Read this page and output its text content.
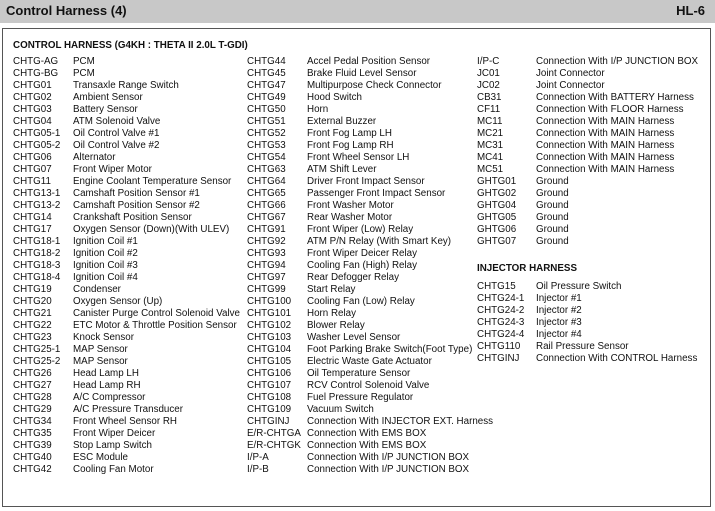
Control Harness (4)	HL-6
CONTROL HARNESS (G4KH : THETA II 2.0L T-GDI)
CHTG-AG PCM
CHTG-BG PCM
CHTG01 Transaxle Range Switch
CHTG02 Ambient Sensor
CHTG03 Battery Sensor
CHTG04 ATM Solenoid Valve
CHTG05-1 Oil Control Valve #1
CHTG05-2 Oil Control Valve #2
CHTG06 Alternator
CHTG07 Front Wiper Motor
CHTG11 Engine Coolant Temperature Sensor
CHTG13-1 Camshaft Position Sensor #1
CHTG13-2 Camshaft Position Sensor #2
CHTG14 Crankshaft Position Sensor
CHTG17 Oxygen Sensor (Down)(With ULEV)
CHTG18-1 Ignition Coil #1
CHTG18-2 Ignition Coil #2
CHTG18-3 Ignition Coil #3
CHTG18-4 Ignition Coil #4
CHTG19 Condenser
CHTG20 Oxygen Sensor (Up)
CHTG21 Canister Purge Control Solenoid Valve
CHTG22 ETC Motor & Throttle Position Sensor
CHTG23 Knock Sensor
CHTG25-1 MAP Sensor
CHTG25-2 MAP Sensor
CHTG26 Head Lamp LH
CHTG27 Head Lamp RH
CHTG28 A/C Compressor
CHTG29 A/C Pressure Transducer
CHTG34 Front Wheel Sensor RH
CHTG35 Front Wiper Deicer
CHTG39 Stop Lamp Switch
CHTG40 ESC Module
CHTG42 Cooling Fan Motor
CHTG44 Accel Pedal Position Sensor
CHTG45 Brake Fluid Level Sensor
CHTG47 Multipurpose Check Connector
CHTG49 Hood Switch
CHTG50 Horn
CHTG51 External Buzzer
CHTG52 Front Fog Lamp LH
CHTG53 Front Fog Lamp RH
CHTG54 Front Wheel Sensor LH
CHTG63 ATM Shift Lever
CHTG64 Driver Front Impact Sensor
CHTG65 Passenger Front Impact Sensor
CHTG66 Front Washer Motor
CHTG67 Rear Washer Motor
CHTG91 Front Wiper (Low) Relay
CHTG92 ATM P/N Relay (With Smart Key)
CHTG93 Front Wiper Deicer Relay
CHTG94 Cooling Fan (High) Relay
CHTG97 Rear Defogger Relay
CHTG99 Start Relay
CHTG100 Cooling Fan (Low) Relay
CHTG101 Horn Relay
CHTG102 Blower Relay
CHTG103 Washer Level Sensor
CHTG104 Foot Parking Brake Switch(Foot Type)
CHTG105 Electric Waste Gate Actuator
CHTG106 Oil Temperature Sensor
CHTG107 RCV Control Solenoid Valve
CHTG108 Fuel Pressure Regulator
CHTG109 Vacuum Switch
CHTGINJ Connection With INJECTOR EXT. Harness
E/R-CHTGA Connection With EMS BOX
E/R-CHTGK Connection With EMS BOX
I/P-A	Connection With I/P JUNCTION BOX
I/P-B	Connection With I/P JUNCTION BOX
I/P-C	Connection With I/P JUNCTION BOX
JC01	Joint Connector
JC02	Joint Connector
CB31	Connection With BATTERY Harness
CF11	Connection With FLOOR Harness
MC11	Connection With MAIN Harness
MC21	Connection With MAIN Harness
MC31	Connection With MAIN Harness
MC41	Connection With MAIN Harness
MC51	Connection With MAIN Harness
GHTG01 Ground
GHTG02 Ground
GHTG04 Ground
GHTG05 Ground
GHTG06 Ground
GHTG07 Ground
INJECTOR HARNESS
CHTG15 Oil Pressure Switch
CHTG24-1 Injector #1
CHTG24-2 Injector #2
CHTG24-3 Injector #3
CHTG24-4 Injector #4
CHTG110 Rail Pressure Sensor
CHTGINJ Connection With CONTROL Harness
